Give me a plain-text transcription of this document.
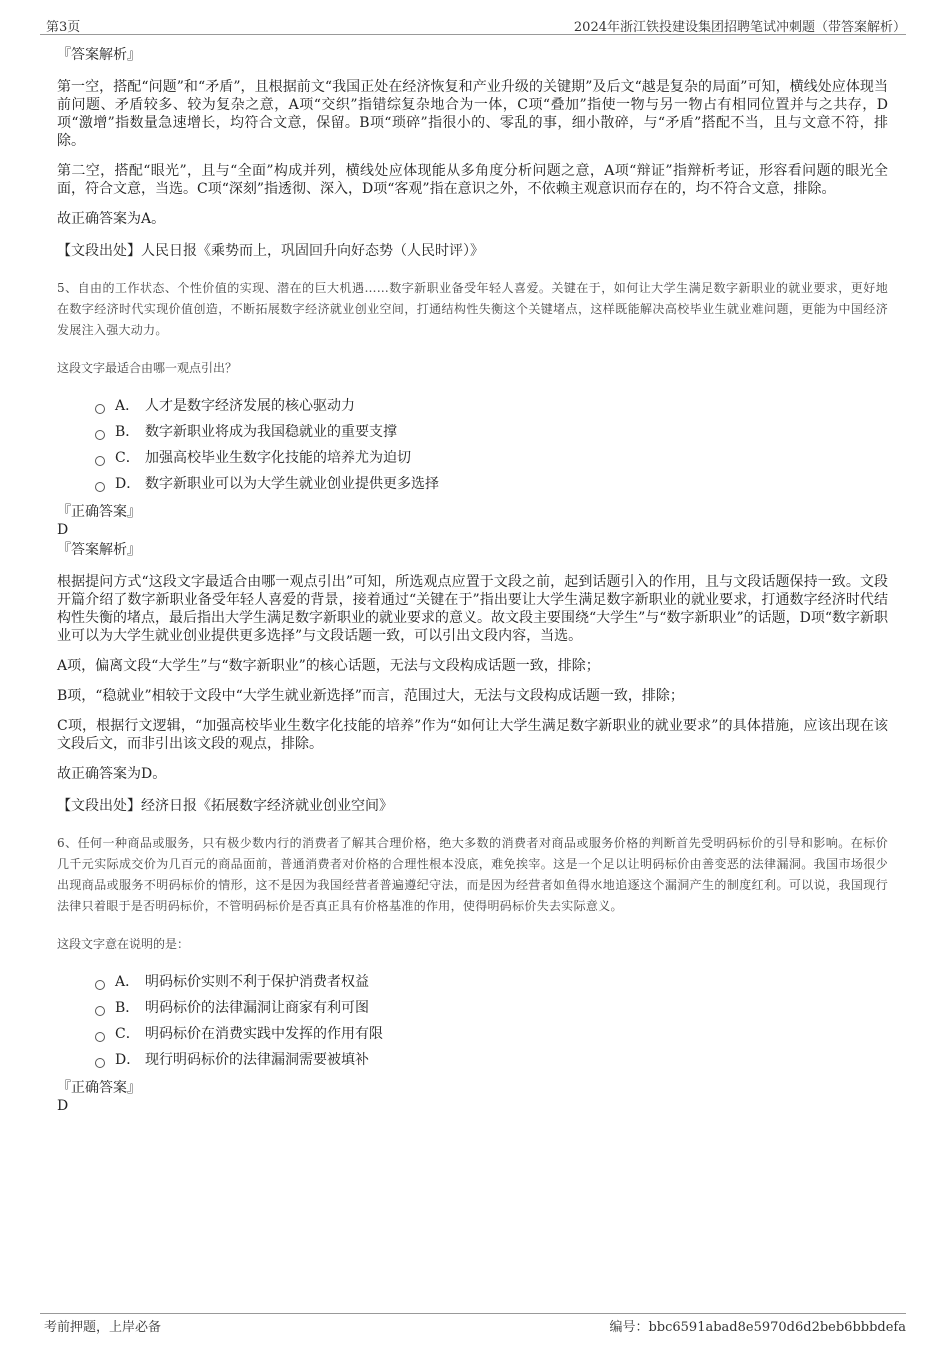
第3页	2024年浙江铁投建设集团招聘笔试冲刺题（带答案解析）
『答案解析』

第一空，搭配“问题”和“矛盾”，且根据前文“我国正处在经济恢复和产业升级的关键期”及后文“越是复杂的局面”可知，横线处应体现当前问题、矛盾较多、较为复杂之意，A项“交织”指错综复杂地合为一体，C项“叠加”指使一物与另一物占有相同位置并与之共存，D项“激增”指数量急速增长，均符合文意，保留。B项“琐碎”指很小的、零乱的事，细小散碎，与“矛盾”搭配不当，且与文意不符，排除。

第二空，搭配“眼光”，且与“全面”构成并列，横线处应体现能从多角度分析问题之意，A项“辩证”指辩析考证，形容看问题的眼光全面，符合文意，当选。C项“深刻”指透彻、深入，D项“客观”指在意识之外，不依赖主观意识而存在的，均不符合文意，排除。

故正确答案为A。

【文段出处】人民日报《乘势而上，巩固回升向好态势（人民时评）》

5、自由的工作状态、个性价值的实现、潜在的巨大机遇……数字新职业备受年轻人喜爱。关键在于，如何让大学生满足数字新职业的就业要求，更好地在数字经济时代实现价值创造，不断拓展数字经济就业创业空间，打通结构性失衡这个关键堵点，这样既能解决高校毕业生就业难问题，更能为中国经济发展注入强大动力。

这段文字最适合由哪一观点引出？

A． 人才是数字经济发展的核心驱动力
B． 数字新职业将成为我国稳就业的重要支撑
C． 加强高校毕业生数字化技能的培养尤为迫切
D． 数字新职业可以为大学生就业创业提供更多选择
『正确答案』
D
『答案解析』

根据提问方式“这段文字最适合由哪一观点引出”可知，所选观点应置于文段之前，起到话题引入的作用，且与文段话题保持一致。文段开篇介绍了数字新职业备受年轻人喜爱的背景，接着通过“关键在于”指出要让大学生满足数字新职业的就业要求，打通数字经济时代结构性失衡的堵点，最后指出大学生满足数字新职业的就业要求的意义。故文段主要围绕“大学生”与“数字新职业”的话题，D项“数字新职业可以为大学生就业创业提供更多选择”与文段话题一致，可以引出文段内容，当选。

A项，偏离文段“大学生”与“数字新职业”的核心话题，无法与文段构成话题一致，排除；

B项，“稳就业”相较于文段中“大学生就业新选择”而言，范围过大，无法与文段构成话题一致，排除；

C项，根据行文逻辑，“加强高校毕业生数字化技能的培养”作为“如何让大学生满足数字新职业的就业要求”的具体措施，应该出现在该文段后文，而非引出该文段的观点，排除。

故正确答案为D。

【文段出处】经济日报《拓展数字经济就业创业空间》

6、任何一种商品或服务，只有极少数内行的消费者了解其合理价格，绝大多数的消费者对商品或服务价格的判断首先受明码标价的引导和影响。在标价几千元实际成交价为几百元的商品面前，普通消费者对价格的合理性根本没底，难免挨宰。这是一个足以让明码标价由善变恶的法律漏洞。我国市场很少出现商品或服务不明码标价的情形，这不是因为我国经营者普遍遵纪守法，而是因为经营者如鱼得水地追逐这个漏洞产生的制度红利。可以说，我国现行法律只着眼于是否明码标价，不管明码标价是否真正具有价格基准的作用，使得明码标价失去实际意义。

这段文字意在说明的是：

A． 明码标价实则不利于保护消费者权益
B． 明码标价的法律漏洞让商家有利可图
C． 明码标价在消费实践中发挥的作用有限
D． 现行明码标价的法律漏洞需要被填补
『正确答案』
D
考前押题，上岸必备	编号：bbc6591abad8e5970d6d2beb6bbbdefa
